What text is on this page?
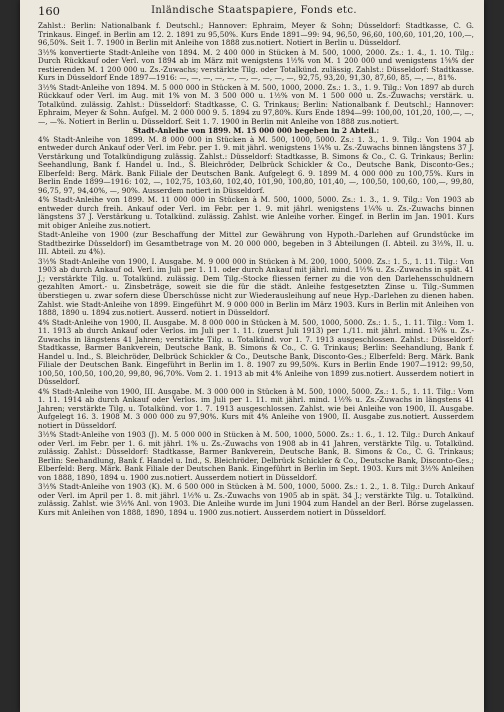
160	Inländische Staatspapiere, Fonds etc.

Zahlst.: Berlin: Nationalbank f. Deutschl.; Hannover: Ephraim, Meyer & Sohn; Düsseldorf: Stadtkasse, C. G. Trinkaus. Eingef. in Berlin am 12. 2. 1891 zu 95,50%. Kurs Ende 1891—99: 94, 96,50, 96,60, 100,60, 101,20, 100,—, 96,50%. Seit 1. 7. 1900 in Berlin mit Anleihe von 1888 zus.notiert. Notiert in Berlin u. Düsseldorf.

3½% konvertierte Stadt-Anleihe von 1894. M. 2 400 000 in Stücken à M. 500, 1000, 2000. Zs.: 1. 4., 1. 10. Tilg.: Durch Rückkauf oder Verl. von 1894 ab im März mit wenigstens 1½% von M. 1 200 000 und wenigstens 1⅝% der restierenden M. 1 200 000 u. Zs.-Zuwachs; verstärkte Tilg. oder Totalkünd. zulässig. Zahlst.: Düsseldorf: Stadtkasse. Kurs in Düsseldorf Ende 1897—1916: —, —, —, —, —, —, —, —, —, —, 92,75, 93,20, 91,30, 87,60, 85, —, —, 81%.

3½% Stadt-Anleihe von 1894. M. 5 000 000 in Stücken à M. 500, 1000, 2000. Zs.: 1. 3., 1. 9. Tilg.: Von 1897 ab durch Rückkauf oder Verl. im Aug. mit 1% von M. 3 500 000 u. 1½% von M. 1 500 000 u. Zs.-Zuwachs; verstärk. u. Totalkünd. zulässig. Zahlst.: Düsseldorf: Stadtkasse, C. G. Trinkaus; Berlin: Nationalbank f. Deutschl.; Hannover: Ephraim, Meyer & Sohn. Aufgel. M. 2 000 000 9. 5. 1894 zu 97,80%. Kurs Ende 1894—99: 100,00, 101,20, 100,—, —, —, —%. Notiert in Berlin u. Düsseldorf. Seit 1. 7. 1900 in Berlin mit Anleihe von 1888 zus.notiert.

Stadt-Anleihe von 1899. M. 15 000 000 begeben in 2 Abteil.:

4% Stadt-Anleihe von 1899. M. 8 000 000 in Stücken à M. 500, 1000, 5000. Zs.: 1. 3., 1. 9. Tilg.: Von 1904 ab entweder durch Ankauf oder Verl. im Febr. per 1. 9. mit jährl. wenigstens 1¼% u. Zs.-Zuwachs binnen längstens 37 J. Verstärkung und Totalkündigung zulässig. Zahlst.: Düsseldorf: Stadtkasse, B. Simons & Co., C. G. Trinkaus; Berlin: Seehandlung, Bank f. Handel u. Ind., S. Bleichröder, Delbrück Schickler & Co., Deutsche Bank, Disconto-Ges.; Elberfeld: Berg. Märk. Bank Filiale der Deutschen Bank. Aufgelegt 6. 9. 1899 M. 4 000 000 zu 100,75%. Kurs in Berlin Ende 1899—1916: 102, —, 102,75, 103,60, 102,40, 101,90, 100,80, 101,40, —, 100,50, 100,60, 100,—, 99,80, 96,75, 97, 94,40%, —, 90%. Ausserdem notiert in Düsseldorf.

4% Stadt-Anleihe von 1899. M. 11 000 000 in Stücken à M. 500, 1000, 5000. Zs.: 1. 3., 1. 9. Tilg.: Von 1903 ab entweder durch freih. Ankauf oder Verl. im Febr. per 1. 9. mit jährl. wenigstens 1¼% u. Zs.-Zuwachs binnen längstens 37 J. Verstärkung u. Totalkünd. zulässig. Zahlst. wie Anleihe vorher. Eingef. in Berlin im Jan. 1901. Kurs mit obiger Anleihe zus.notiert.

Stadt-Anleihe von 1900 (zur Beschaffung der Mittel zur Gewährung von Hypoth.-Darlehen auf Grundstücke im Stadtbezirke Düsseldorf) im Gesamtbetrage von M. 20 000 000, begeben in 3 Abteilungen (I. Abteil. zu 3½%, II. u. III. Abteil. zu 4%).

3½% Stadt-Anleihe von 1900, I. Ausgabe. M. 9 000 000 in Stücken à M. 200, 1000, 5000. Zs.: 1. 5., 1. 11. Tilg.: Von 1903 ab durch Ankauf od. Verl. im Juli per 1. 11. oder durch Ankauf mit jährl. mind. 1½% u. Zs.-Zuwachs in spät. 41 J.; verstärkte Tilg. u. Totalkünd. zulässig. Dem Tilg.-Stocke fliessen ferner zu die von den Darlehensschuldnern gezahlten Amort.- u. Zinsbeträge, soweit sie die für die städt. Anleihe festgesetzten Zinse u. Tilg.-Summen überstiegen u. zwar sofern diese Überschüsse nicht zur Wiederausleihung auf neue Hyp.-Darlehen zu dienen haben. Zahlst. wie Stadt-Anleihe von 1899. Eingeführt M. 9 000 000 in Berlin im März 1903. Kurs in Berlin mit Anleihen von 1888, 1890 u. 1894 zus.notiert. Ausserd. notiert in Düsseldorf.

4% Stadt-Anleihe von 1900, II. Ausgabe. M. 8 000 000 in Stücken à M. 500, 1000, 5000. Zs.: 1. 5., 1. 11. Tilg.: Vom 1. 11. 1913 ab durch Ankauf oder Verlos. im Juli per 1. 11. (zuerst Juli 1913) per 1./11. mit jährl. mind. 1¾% u. Zs.-Zuwachs in längstens 41 Jahren; verstärkte Tilg. u. Totalkünd. vor 1. 7. 1913 ausgeschlossen. Zahlst.: Düsseldorf: Stadtkasse, Barmer Bankverein, Deutsche Bank, B. Simons & Co., C. G. Trinkaus; Berlin: Seehandlung, Bank f. Handel u. Ind., S. Bleichröder, Delbrück Schickler & Co., Deutsche Bank, Disconto-Ges.; Elberfeld: Berg. Märk. Bank Filiale der Deutschen Bank. Eingeführt in Berlin im 1. 8. 1907 zu 99,50%. Kurs in Berlin Ende 1907—1912: 99,50, 100,50, 100,50, 100,20, 99,80, 96,70%. Vom 2. 1. 1913 ab mit 4% Anleihe von 1899 zus.notiert. Ausserdem notiert in Düsseldorf.

4% Stadt-Anleihe von 1900, III. Ausgabe. M. 3 000 000 in Stücken à M. 500, 1000, 5000. Zs.: 1. 5., 1. 11. Tilg.: Vom 1. 11. 1914 ab durch Ankauf oder Verlos. im Juli per 1. 11. mit jährl. mind. 1½% u. Zs.-Zuwachs in längstens 41 Jahren; verstärkte Tilg. u. Totalkünd. vor 1. 7. 1913 ausgeschlossen. Zahlst. wie bei Anleihe von 1900, II. Ausgabe. Aufgelegt 16. 3. 1908 M. 3 000 000 zu 97,90%. Kurs mit 4% Anleihe von 1900, II. Ausgabe zus.notiert. Ausserdem notiert in Düsseldorf.

3½% Stadt-Anleihe von 1903 (J). M. 5 000 000 in Stücken à M. 500, 1000, 5000. Zs.: 1. 6., 1. 12. Tilg.: Durch Ankauf oder Verl. im Febr. per 1. 6. mit jährl. 1% u. Zs.-Zuwachs von 1908 ab in 41 Jahren, verstärkte Tilg. u. Totalkünd. zulässig. Zahlst.: Düsseldorf: Stadtkasse, Barmer Bankverein, Deutsche Bank, B. Simons & Co., C. G. Trinkaus; Berlin: Seehandlung, Bank f. Handel u. Ind., S. Bleichröder, Delbrück Schickler & Co., Deutsche Bank, Disconto-Ges.; Elberfeld: Berg. Märk. Bank Filiale der Deutschen Bank. Eingeführt in Berlin im Sept. 1903. Kurs mit 3½% Anleihen von 1888, 1890, 1894 u. 1900 zus.notiert. Ausserdem notiert in Düsseldorf.

3½% Stadt-Anleihe von 1903 (K). M. 6 500 000 in Stücken à M. 500, 1000, 5000. Zs.: 1. 2., 1. 8. Tilg.: Durch Ankauf oder Verl. im April per 1. 8. mit jährl. 1½% u. Zs.-Zuwachs von 1905 ab in spät. 34 J.; verstärkte Tilg. u. Totalkünd. zulässig. Zahlst. wie 3½% Anl. von 1903. Die Anleihe wurde im Juni 1904 zum Handel an der Berl. Börse zugelassen. Kurs mit Anleihen von 1888, 1890, 1894 u. 1900 zus.notiert. Ausserdem notiert in Düsseldorf.
